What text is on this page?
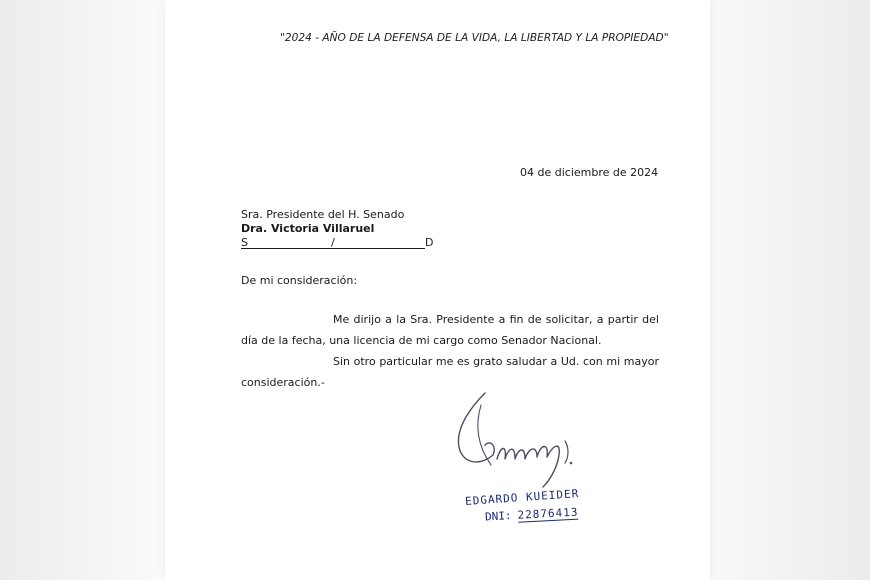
"2024 - AÑO DE LA DEFENSA DE LA VIDA, LA LIBERTAD Y LA PROPIEDAD"
04 de diciembre de 2024
Sra. Presidente del H. Senado
Dra. Victoria Villaruel
S	/	D
De mi consideración:

Me dirijo a la Sra. Presidente a fin de solicitar, a partir del día de la fecha, una licencia de mi cargo como Senador Nacional.

Sin otro particular me es grato saludar a Ud. con mi mayor consideración.-

EDGARDO KUEIDER
DNI: 22876413
